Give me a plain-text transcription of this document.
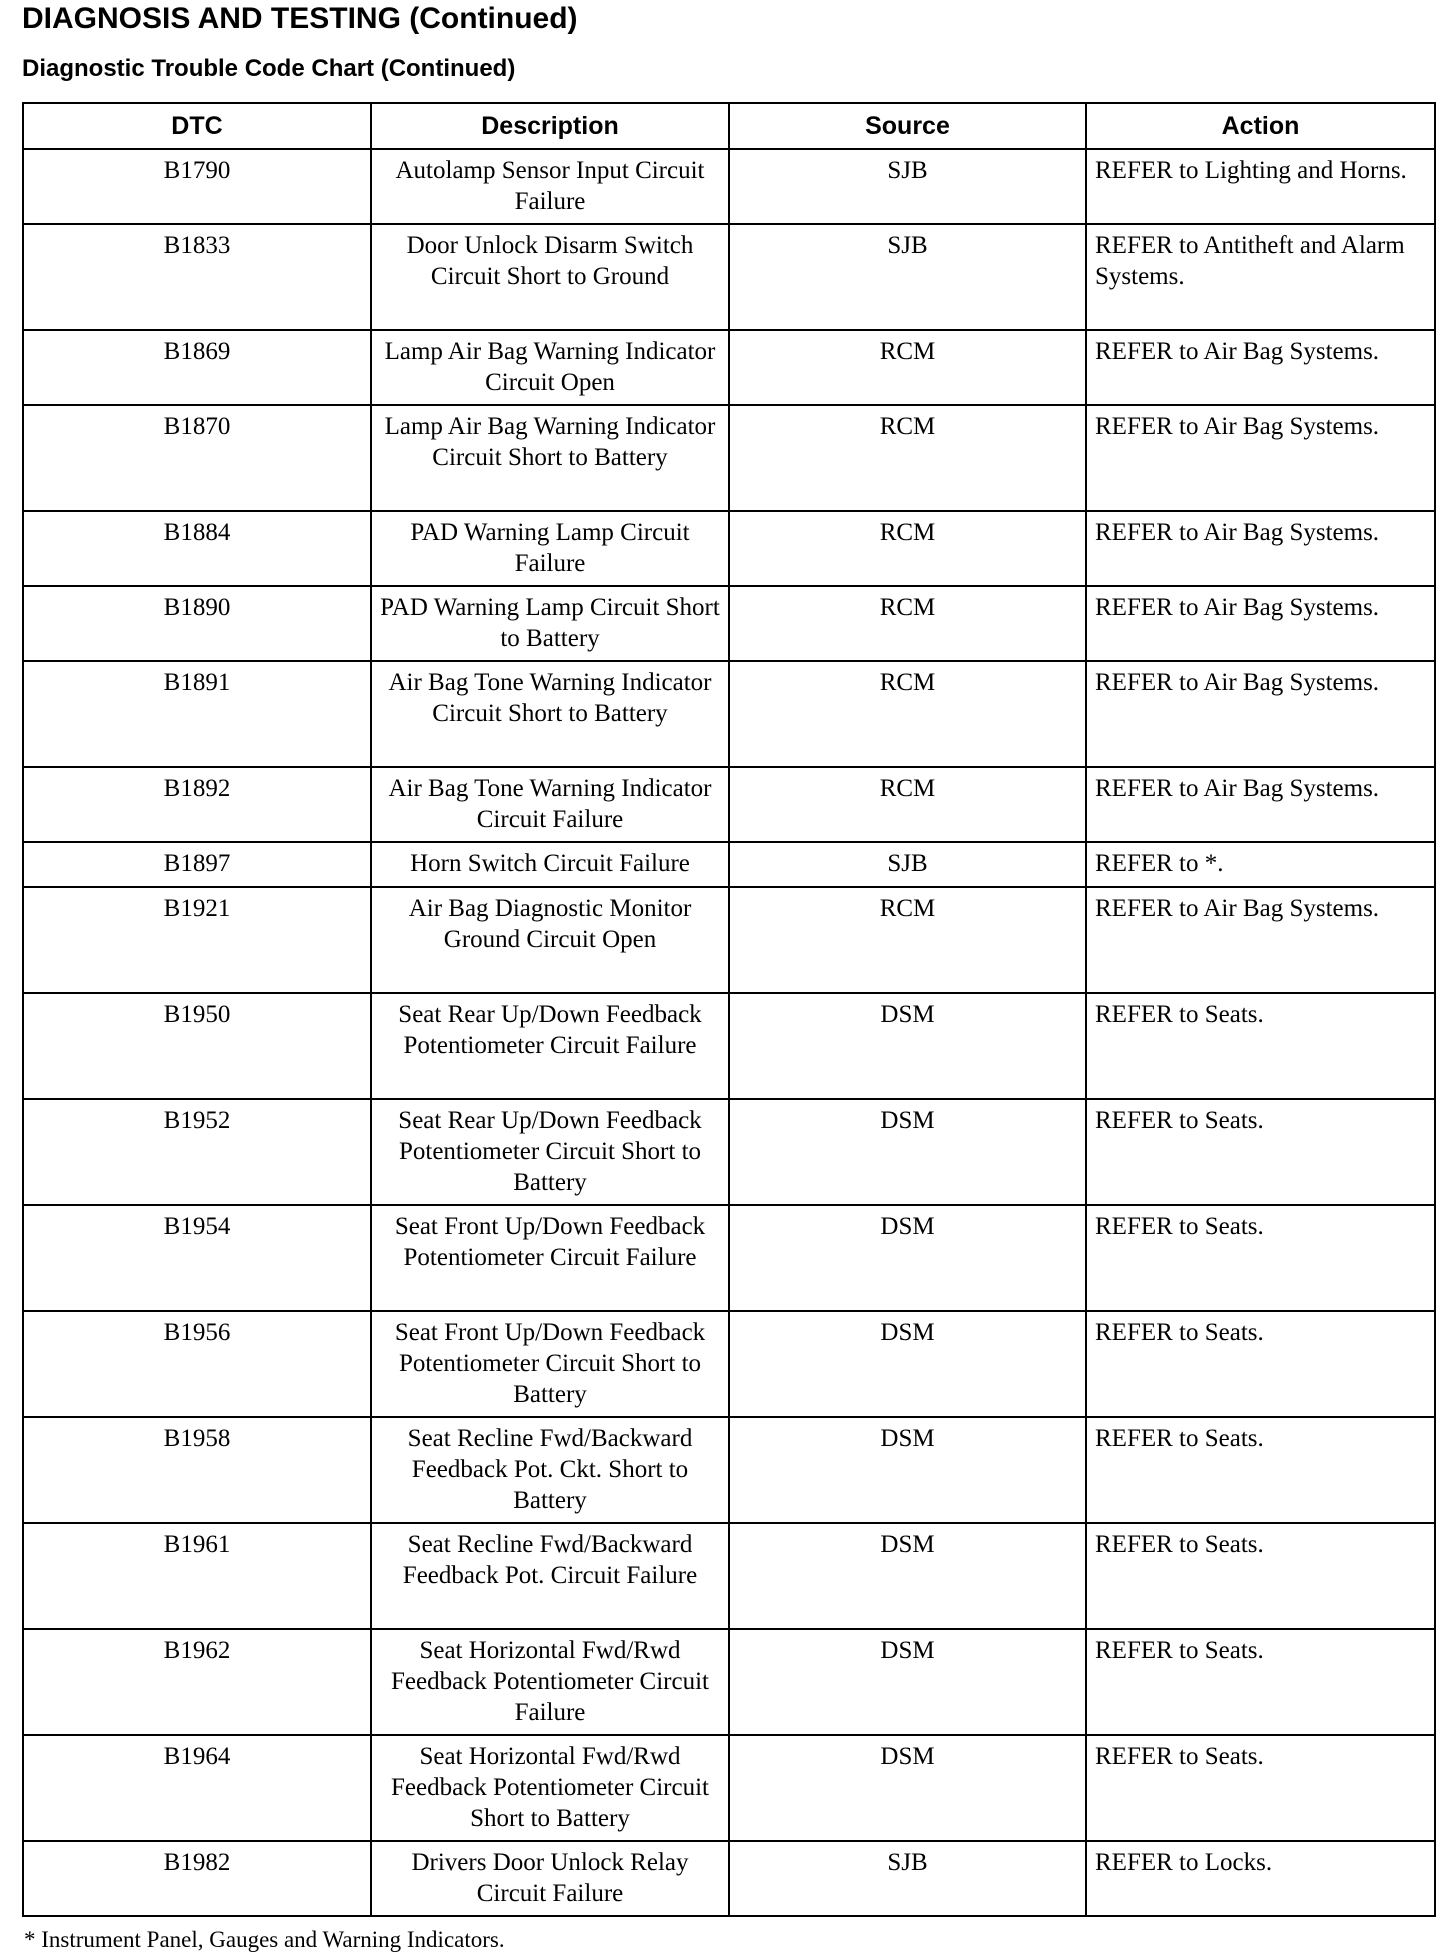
DIAGNOSIS AND TESTING (Continued)
Diagnostic Trouble Code Chart (Continued)
DTC	Description	Source	Action
B1790	Autolamp Sensor Input Circuit Failure	SJB	REFER to Lighting and Horns.
B1833	Door Unlock Disarm Switch Circuit Short to Ground	SJB	REFER to Antitheft and Alarm Systems.
B1869	Lamp Air Bag Warning Indicator Circuit Open	RCM	REFER to Air Bag Systems.
B1870	Lamp Air Bag Warning Indicator Circuit Short to Battery	RCM	REFER to Air Bag Systems.
B1884	PAD Warning Lamp Circuit Failure	RCM	REFER to Air Bag Systems.
B1890	PAD Warning Lamp Circuit Short to Battery	RCM	REFER to Air Bag Systems.
B1891	Air Bag Tone Warning Indicator Circuit Short to Battery	RCM	REFER to Air Bag Systems.
B1892	Air Bag Tone Warning Indicator Circuit Failure	RCM	REFER to Air Bag Systems.
B1897	Horn Switch Circuit Failure	SJB	REFER to *.
B1921	Air Bag Diagnostic Monitor Ground Circuit Open	RCM	REFER to Air Bag Systems.
B1950	Seat Rear Up/Down Feedback Potentiometer Circuit Failure	DSM	REFER to Seats.
B1952	Seat Rear Up/Down Feedback Potentiometer Circuit Short to Battery	DSM	REFER to Seats.
B1954	Seat Front Up/Down Feedback Potentiometer Circuit Failure	DSM	REFER to Seats.
B1956	Seat Front Up/Down Feedback Potentiometer Circuit Short to Battery	DSM	REFER to Seats.
B1958	Seat Recline Fwd/Backward Feedback Pot. Ckt. Short to Battery	DSM	REFER to Seats.
B1961	Seat Recline Fwd/Backward Feedback Pot. Circuit Failure	DSM	REFER to Seats.
B1962	Seat Horizontal Fwd/Rwd Feedback Potentiometer Circuit Failure	DSM	REFER to Seats.
B1964	Seat Horizontal Fwd/Rwd Feedback Potentiometer Circuit Short to Battery	DSM	REFER to Seats.
B1982	Drivers Door Unlock Relay Circuit Failure	SJB	REFER to Locks.

* Instrument Panel, Gauges and Warning Indicators.
